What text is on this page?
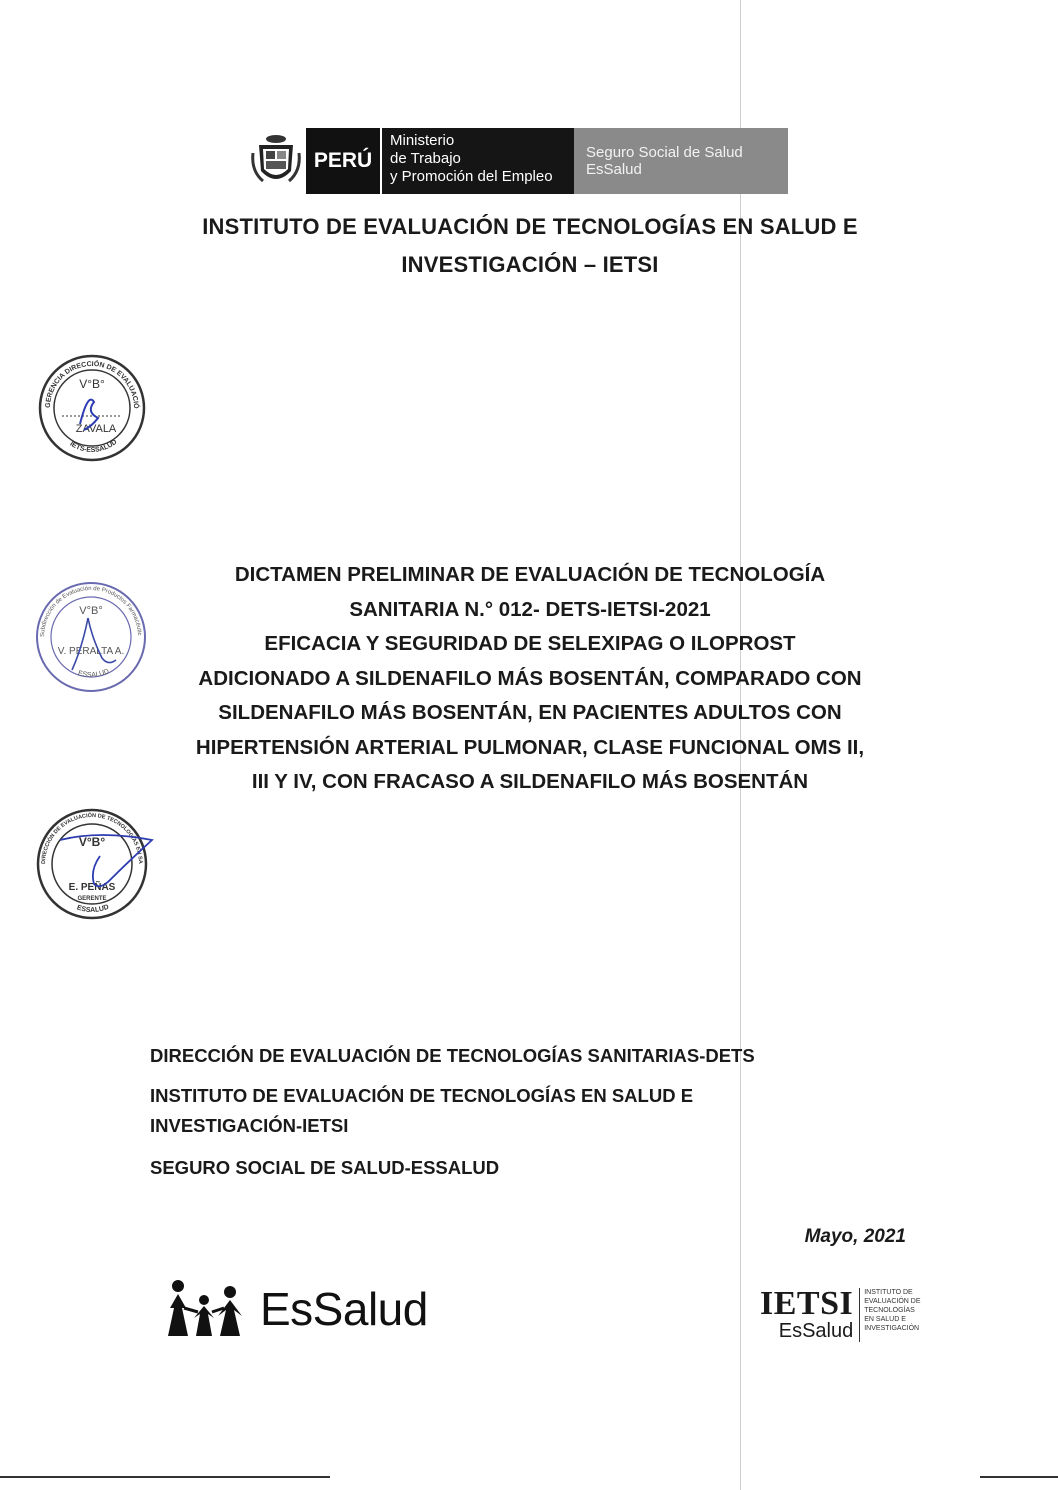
PERÚ
Ministerio
de Trabajo
y Promoción del Empleo
Seguro Social de Salud
EsSalud
INSTITUTO DE EVALUACIÓN DE TECNOLOGÍAS EN SALUD E
INVESTIGACIÓN – IETSI
GERENCIA DIRECCIÓN DE EVALUACIÓ
IETS-ESSALUD
V°B°
ZAVALA
Subdirección de Evaluación de Productos Farmacéutic
ESSALUD
V°B°
V. PERALTA A.
DIRECCIÓN DE EVALUACIÓN DE TECNOLOGÍAS EN SA
ESSALUD
V°B°
E. PEÑAS
GERENTE
DICTAMEN PRELIMINAR DE EVALUACIÓN DE TECNOLOGÍA
SANITARIA N.° 012- DETS-IETSI-2021
EFICACIA Y SEGURIDAD DE SELEXIPAG O ILOPROST
ADICIONADO A SILDENAFILO MÁS BOSENTÁN, COMPARADO CON
SILDENAFILO MÁS BOSENTÁN, EN PACIENTES ADULTOS CON
HIPERTENSIÓN ARTERIAL PULMONAR, CLASE FUNCIONAL OMS II,
III Y IV, CON FRACASO A SILDENAFILO MÁS BOSENTÁN
DIRECCIÓN DE EVALUACIÓN DE TECNOLOGÍAS SANITARIAS-DETS
INSTITUTO DE EVALUACIÓN DE TECNOLOGÍAS EN SALUD E
INVESTIGACIÓN-IETSI
SEGURO SOCIAL DE SALUD-ESSALUD
Mayo, 2021
EsSalud	IETSI
EsSalud
INSTITUTO DE EVALUACIÓN DE TECNOLOGÍAS EN SALUD E INVESTIGACIÓN
